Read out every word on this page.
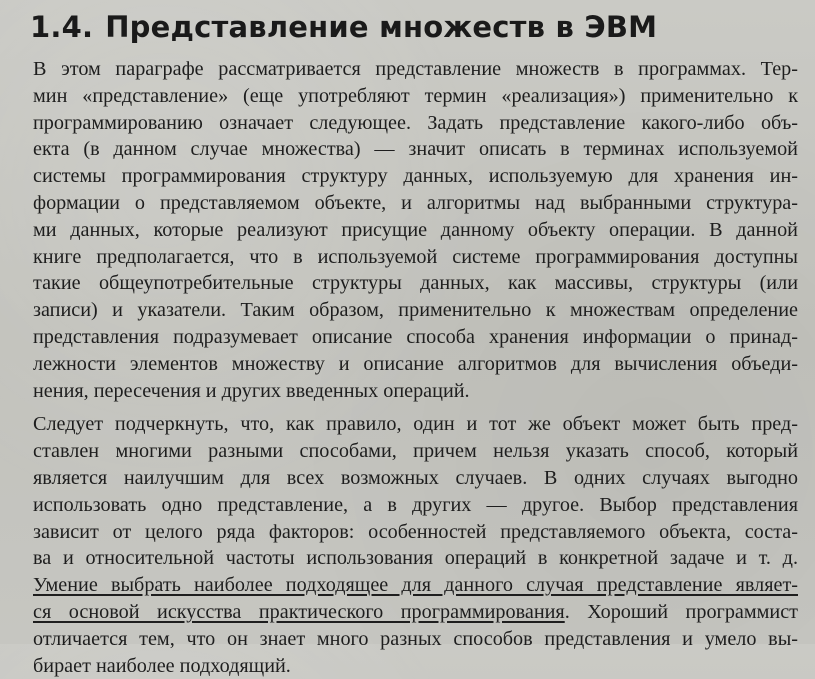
1.4. Представление множеств в ЭВМ
В этом параграфе рассматривается представление множеств в программах. Тер-
мин «представление» (еще употребляют термин «реализация») применительно к
программированию означает следующее. Задать представление какого-либо объ-
екта (в данном случае множества) — значит описать в терминах используемой
системы программирования структуру данных, используемую для хранения ин-
формации о представляемом объекте, и алгоритмы над выбранными структура-
ми данных, которые реализуют присущие данному объекту операции. В данной
книге предполагается, что в используемой системе программирования доступны
такие общеупотребительные структуры данных, как массивы, структуры (или
записи) и указатели. Таким образом, применительно к множествам определение
представления подразумевает описание способа хранения информации о принад-
лежности элементов множеству и описание алгоритмов для вычисления объеди-
нения, пересечения и других введенных операций.
Следует подчеркнуть, что, как правило, один и тот же объект может быть пред-
ставлен многими разными способами, причем нельзя указать способ, который
является наилучшим для всех возможных случаев. В одних случаях выгодно
использовать одно представление, а в других — другое. Выбор представления
зависит от целого ряда факторов: особенностей представляемого объекта, соста-
ва и относительной частоты использования операций в конкретной задаче и т. д.
Умение выбрать наиболее подходящее для данного случая представление являет-
ся основой искусства практического программирования. Хороший программист
отличается тем, что он знает много разных способов представления и умело вы-
бирает наиболее подходящий.
